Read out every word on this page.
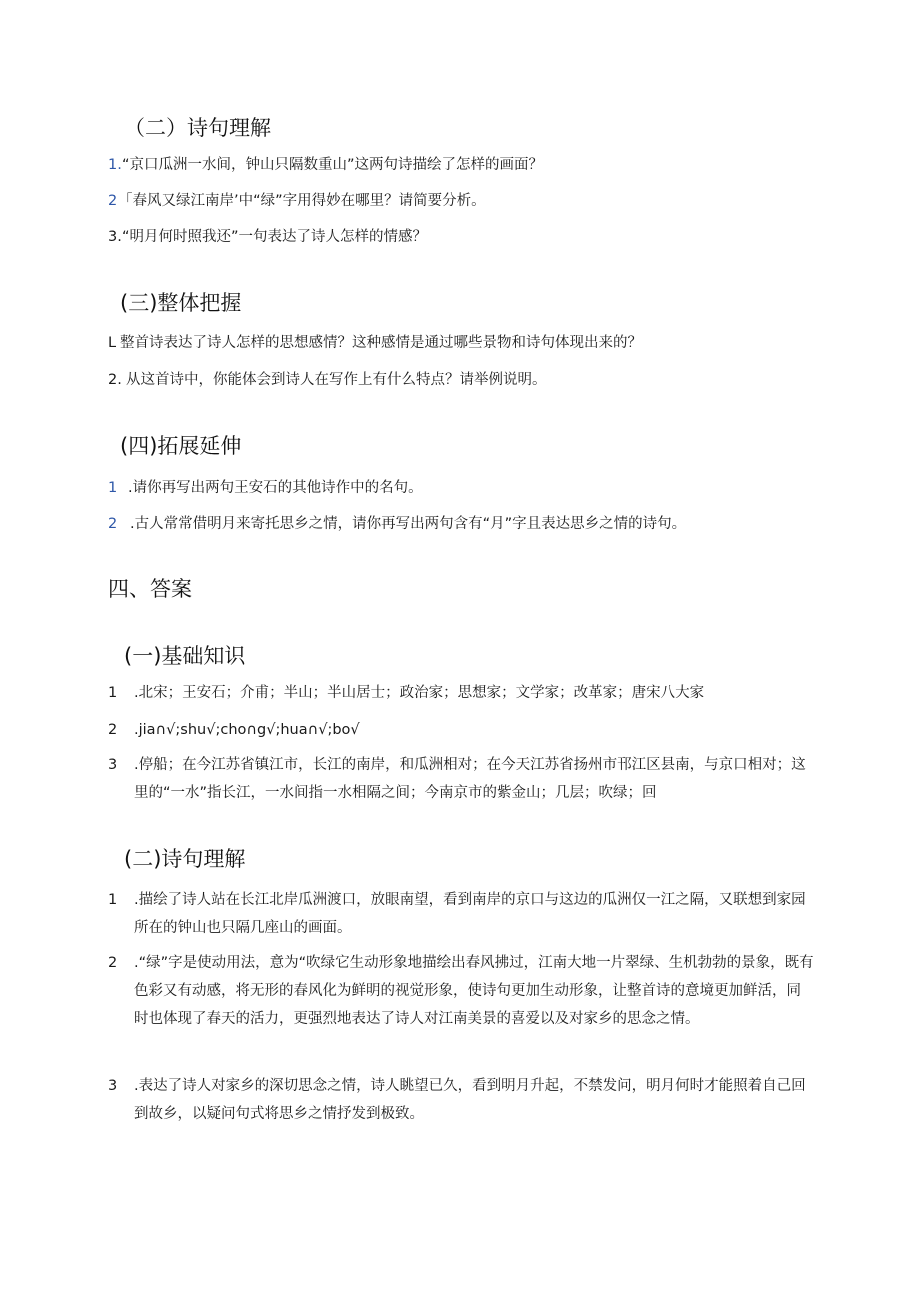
（二）诗句理解
1. “京口瓜洲一水间，钟山只隔数重山”这两句诗描绘了怎样的画面？
2 「春风又绿江南岸’中“绿”字用得妙在哪里？请简要分析。
3. “明月何时照我还”一句表达了诗人怎样的情感？
(三)整体把握
L 整首诗表达了诗人怎样的思想感情？这种感情是通过哪些景物和诗句体现出来的？
2. 从这首诗中，你能体会到诗人在写作上有什么特点？请举例说明。
(四)拓展延伸
1 .请你再写出两句王安石的其他诗作中的名句。
2 .古人常常借明月来寄托思乡之情，请你再写出两句含有“月”字且表达思乡之情的诗句。
四、答案
(一)基础知识
1 .北宋；王安石；介甫；半山；半山居士；政治家；思想家；文学家；改革家；唐宋八大家
2 .jia∩√;shu√;cho∩g√;hua∩√;bo√
3 .停船；在今江苏省镇江市，长江的南岸，和瓜洲相对；在今天江苏省扬州市邗江区县南，与京口相对；这里的“一水”指长江，一水间指一水相隔之间；今南京市的紫金山；几层；吹绿；回
(二)诗句理解
1 .描绘了诗人站在长江北岸瓜洲渡口，放眼南望，看到南岸的京口与这边的瓜洲仅一江之隔，又联想到家园所在的钟山也只隔几座山的画面。
2 .“绿”字是使动用法，意为“吹绿它生动形象地描绘出春风拂过，江南大地一片翠绿、生机勃勃的景象，既有色彩又有动感，将无形的春风化为鲜明的视觉形象，使诗句更加生动形象，让整首诗的意境更加鲜活，同时也体现了春天的活力，更强烈地表达了诗人对江南美景的喜爱以及对家乡的思念之情。
3 .表达了诗人对家乡的深切思念之情，诗人眺望已久，看到明月升起，不禁发问，明月何时才能照着自己回到故乡，以疑问句式将思乡之情抒发到极致。
